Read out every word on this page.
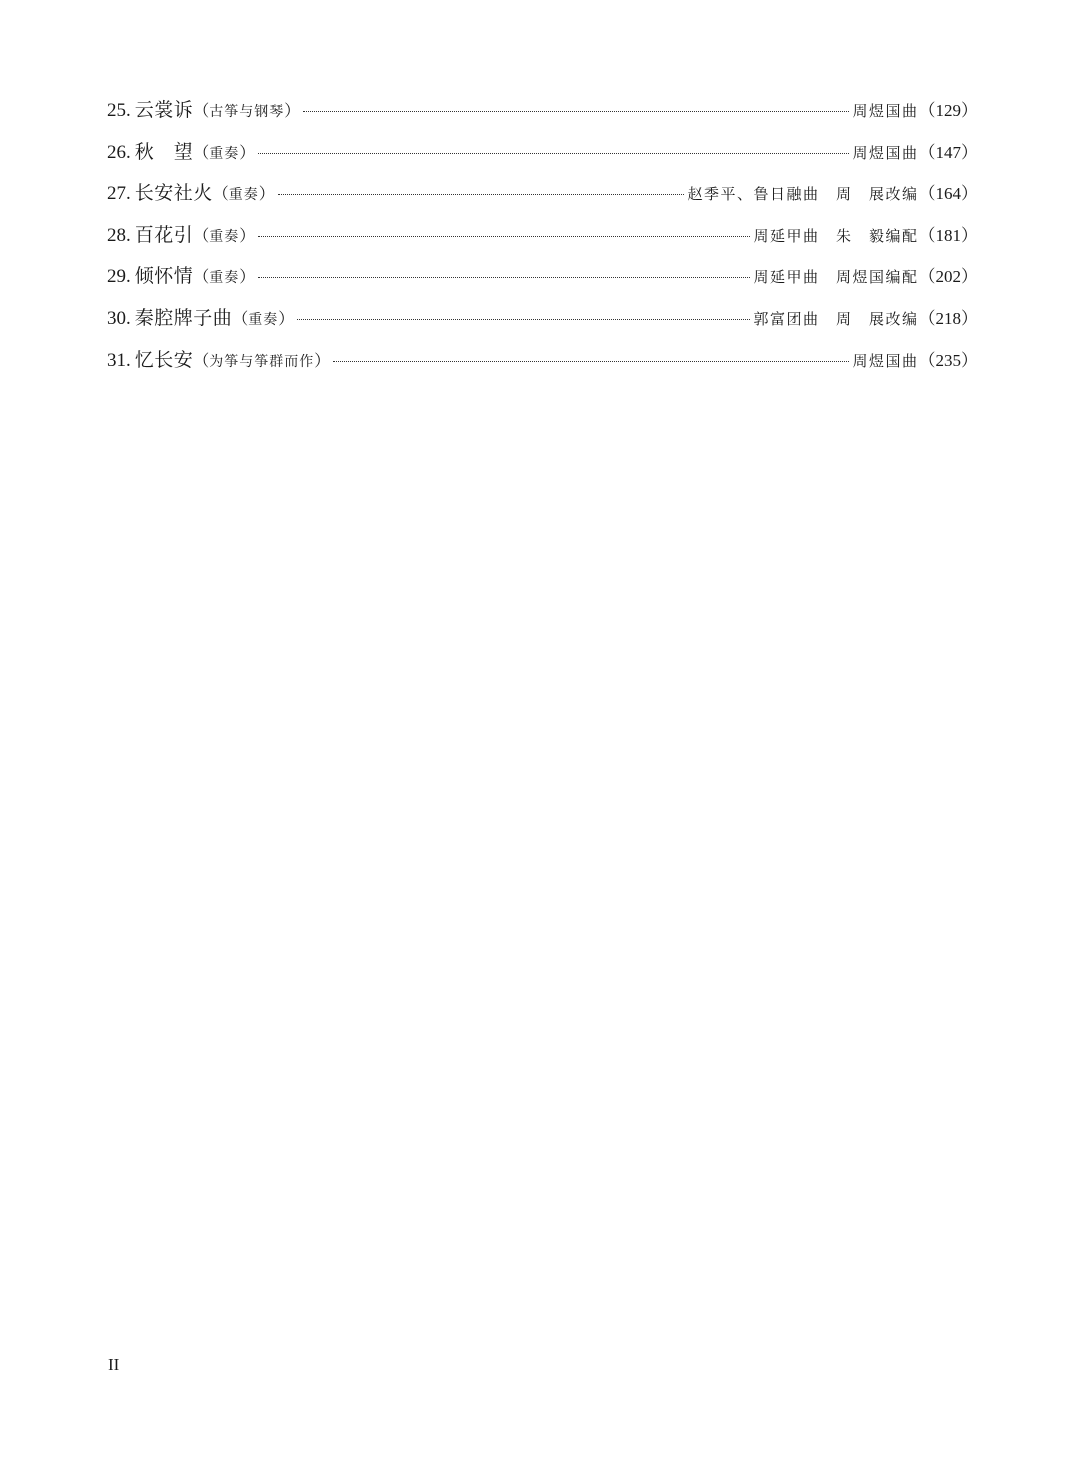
25. 云裳诉 （ 古筝与钢琴 ）	周煜国曲 （ 129 ）
26. 秋　望 （ 重奏 ）	周煜国曲 （ 147 ）
27. 长安社火 （ 重奏 ）	赵季平、鲁日融曲　周　展改编 （ 164 ）
28. 百花引 （ 重奏 ）	周延甲曲　朱　毅编配 （ 181 ）
29. 倾怀情 （ 重奏 ）	周延甲曲　周煜国编配 （ 202 ）
30. 秦腔牌子曲 （ 重奏 ）	郭富团曲　周　展改编 （ 218 ）
31. 忆长安 （ 为筝与筝群而作 ）	周煜国曲 （ 235 ）
II
